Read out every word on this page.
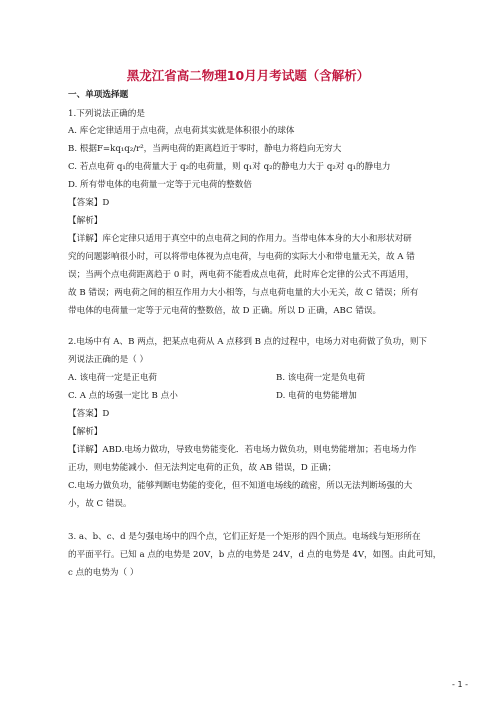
黑龙江省高二物理10月月考试题（含解析）
一、单项选择题
1.下列说法正确的是
A. 库仑定律适用于点电荷，点电荷其实就是体积很小的球体
B. 根据F=kq₁q₂/r²，当两电荷的距离趋近于零时，静电力将趋向无穷大
C. 若点电荷 q₁的电荷量大于 q₂的电荷量，则 q₁对 q₂的静电力大于 q₂对 q₁的静电力
D. 所有带电体的电荷量一定等于元电荷的整数倍
【答案】D
【解析】
【详解】库仑定律只适用于真空中的点电荷之间的作用力。当带电体本身的大小和形状对研
究的问题影响很小时，可以将带电体视为点电荷，与电荷的实际大小和带电量无关，故 A 错
误；当两个点电荷距离趋于 0 时，两电荷不能看成点电荷，此时库仑定律的公式不再适用，
故 B 错误；两电荷之间的相互作用力大小相等，与点电荷电量的大小无关，故 C 错误；所有
带电体的电荷量一定等于元电荷的整数倍，故 D 正确。所以 D 正确，ABC 错误。
2.电场中有 A、B 两点，把某点电荷从 A 点移到 B 点的过程中，电场力对电荷做了负功，则下
列说法正确的是（ ）
A. 该电荷一定是正电荷	B. 该电荷一定是负电荷
C. A 点的场强一定比 B 点小	D. 电荷的电势能增加
【答案】D
【解析】
【详解】ABD.电场力做功，导致电势能变化．若电场力做负功，则电势能增加；若电场力作
正功，则电势能减小．但无法判定电荷的正负，故 AB 错误，D 正确；
C.电场力做负功，能够判断电势能的变化，但不知道电场线的疏密，所以无法判断场强的大
小，故 C 错误。
3. a、b、c、d 是匀强电场中的四个点，它们正好是一个矩形的四个顶点。电场线与矩形所在
的平面平行。已知 a 点的电势是 20V，b 点的电势是 24V，d 点的电势是 4V，如图。由此可知，
c 点的电势为（ ）
- 1 -
